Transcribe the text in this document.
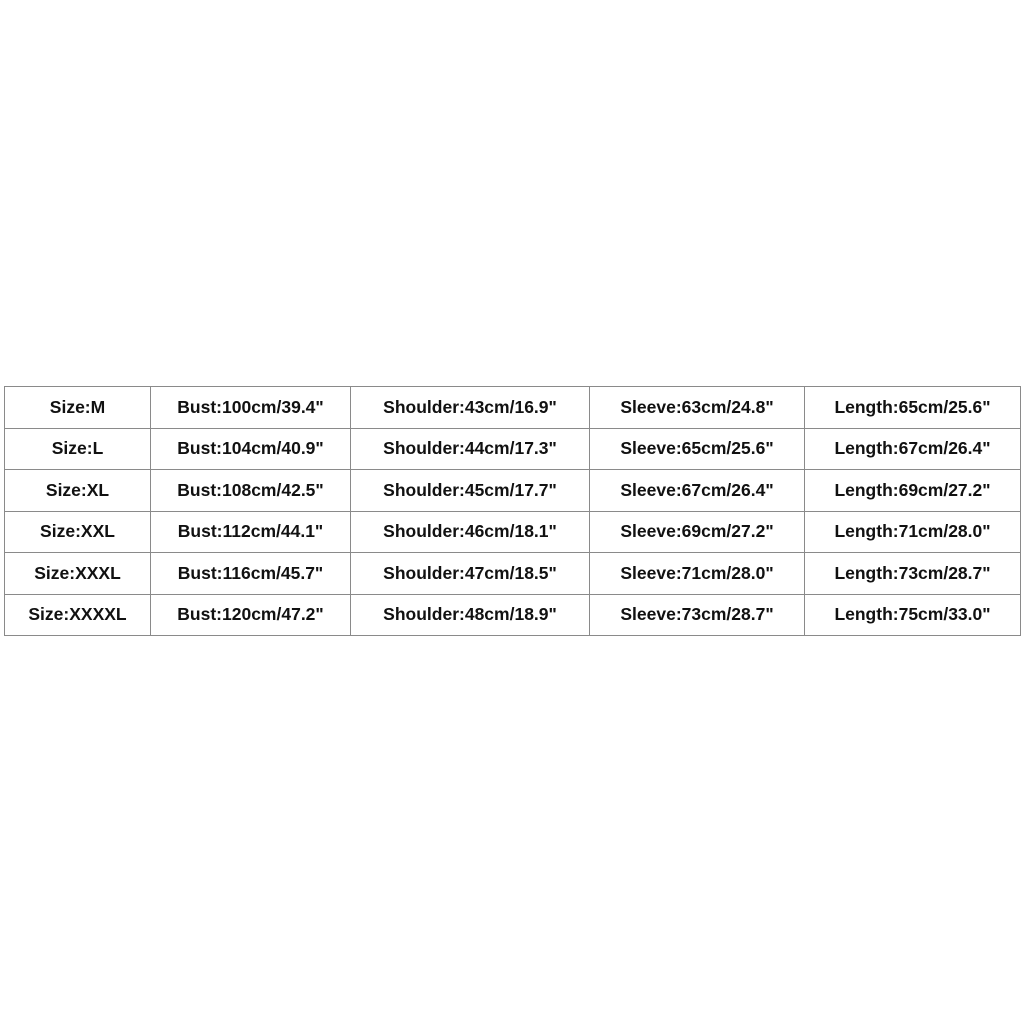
Size:M	Bust:100cm/39.4"	Shoulder:43cm/16.9"	Sleeve:63cm/24.8"	Length:65cm/25.6"
Size:L	Bust:104cm/40.9"	Shoulder:44cm/17.3"	Sleeve:65cm/25.6"	Length:67cm/26.4"
Size:XL	Bust:108cm/42.5"	Shoulder:45cm/17.7"	Sleeve:67cm/26.4"	Length:69cm/27.2"
Size:XXL	Bust:112cm/44.1"	Shoulder:46cm/18.1"	Sleeve:69cm/27.2"	Length:71cm/28.0"
Size:XXXL	Bust:116cm/45.7"	Shoulder:47cm/18.5"	Sleeve:71cm/28.0"	Length:73cm/28.7"
Size:XXXXL	Bust:120cm/47.2"	Shoulder:48cm/18.9"	Sleeve:73cm/28.7"	Length:75cm/33.0"
